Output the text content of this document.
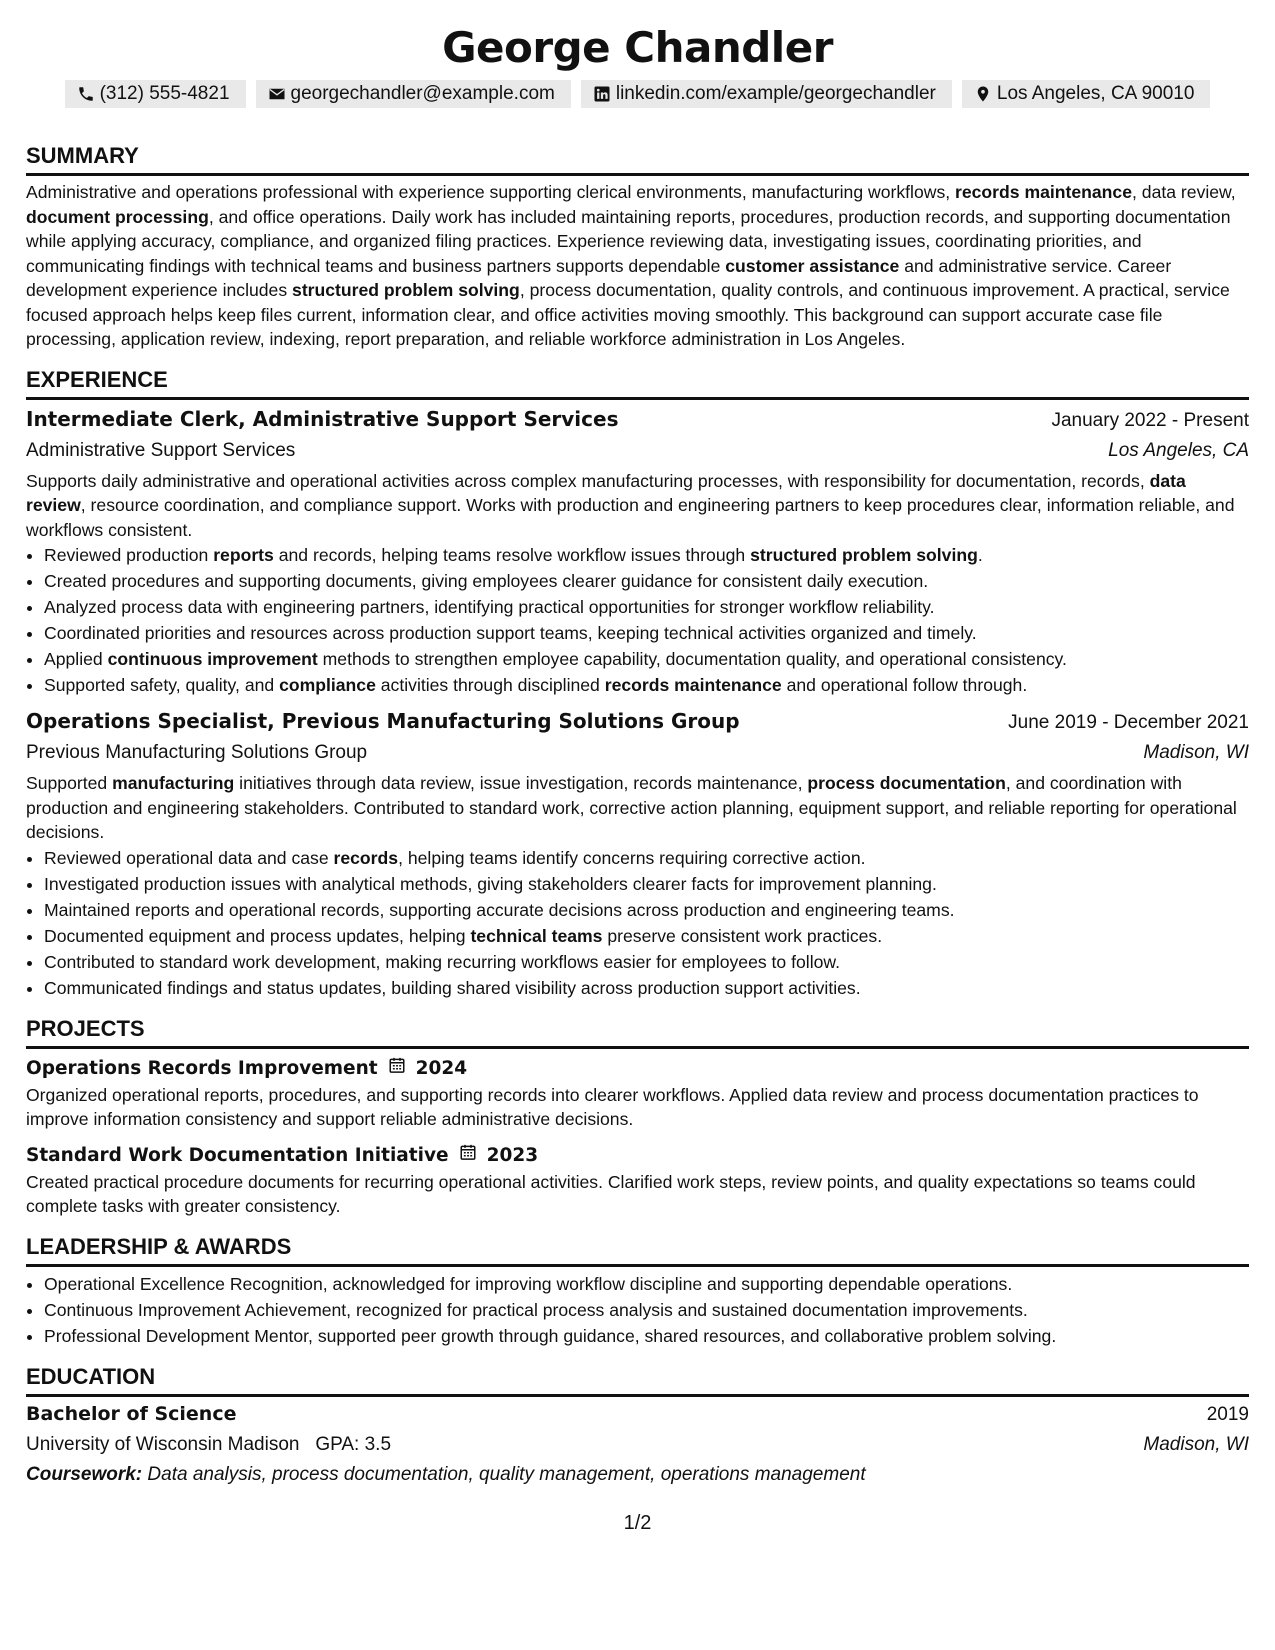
George Chandler
(312) 555-4821	georgechandler@example.com	linkedin.com/example/georgechandler	Los Angeles, CA 90010
SUMMARY

Administrative and operations professional with experience supporting clerical environments, manufacturing workflows, records maintenance, data review, document processing, and office operations. Daily work has included maintaining reports, procedures, production records, and supporting documentation while applying accuracy, compliance, and organized filing practices. Experience reviewing data, investigating issues, coordinating priorities, and communicating findings with technical teams and business partners supports dependable customer assistance and administrative service. Career development experience includes structured problem solving, process documentation, quality controls, and continuous improvement. A practical, service focused approach helps keep files current, information clear, and office activities moving smoothly. This background can support accurate case file processing, application review, indexing, report preparation, and reliable workforce administration in Los Angeles.

EXPERIENCE
Intermediate Clerk, Administrative Support Services	January 2022 - Present
Administrative Support Services	Los Angeles, CA

Supports daily administrative and operational activities across complex manufacturing processes, with responsibility for documentation, records, data review, resource coordination, and compliance support. Works with production and engineering partners to keep procedures clear, information reliable, and workflows consistent.

• Reviewed production reports and records, helping teams resolve workflow issues through structured problem solving.
• Created procedures and supporting documents, giving employees clearer guidance for consistent daily execution.
• Analyzed process data with engineering partners, identifying practical opportunities for stronger workflow reliability.
• Coordinated priorities and resources across production support teams, keeping technical activities organized and timely.
• Applied continuous improvement methods to strengthen employee capability, documentation quality, and operational consistency.
• Supported safety, quality, and compliance activities through disciplined records maintenance and operational follow through.
Operations Specialist, Previous Manufacturing Solutions Group	June 2019 - December 2021
Previous Manufacturing Solutions Group	Madison, WI

Supported manufacturing initiatives through data review, issue investigation, records maintenance, process documentation, and coordination with production and engineering stakeholders. Contributed to standard work, corrective action planning, equipment support, and reliable reporting for operational decisions.

• Reviewed operational data and case records, helping teams identify concerns requiring corrective action.
• Investigated production issues with analytical methods, giving stakeholders clearer facts for improvement planning.
• Maintained reports and operational records, supporting accurate decisions across production and engineering teams.
• Documented equipment and process updates, helping technical teams preserve consistent work practices.
• Contributed to standard work development, making recurring workflows easier for employees to follow.
• Communicated findings and status updates, building shared visibility across production support activities.
PROJECTS
Operations Records Improvement 2024

Organized operational reports, procedures, and supporting records into clearer workflows. Applied data review and process documentation practices to improve information consistency and support reliable administrative decisions.

Standard Work Documentation Initiative 2023

Created practical procedure documents for recurring operational activities. Clarified work steps, review points, and quality expectations so teams could complete tasks with greater consistency.

LEADERSHIP & AWARDS
• Operational Excellence Recognition, acknowledged for improving workflow discipline and supporting dependable operations.
• Continuous Improvement Achievement, recognized for practical process analysis and sustained documentation improvements.
• Professional Development Mentor, supported peer growth through guidance, shared resources, and collaborative problem solving.
EDUCATION
Bachelor of Science	2019
University of Wisconsin Madison GPA: 3.5	Madison, WI
Coursework: Data analysis, process documentation, quality management, operations management
1/2
